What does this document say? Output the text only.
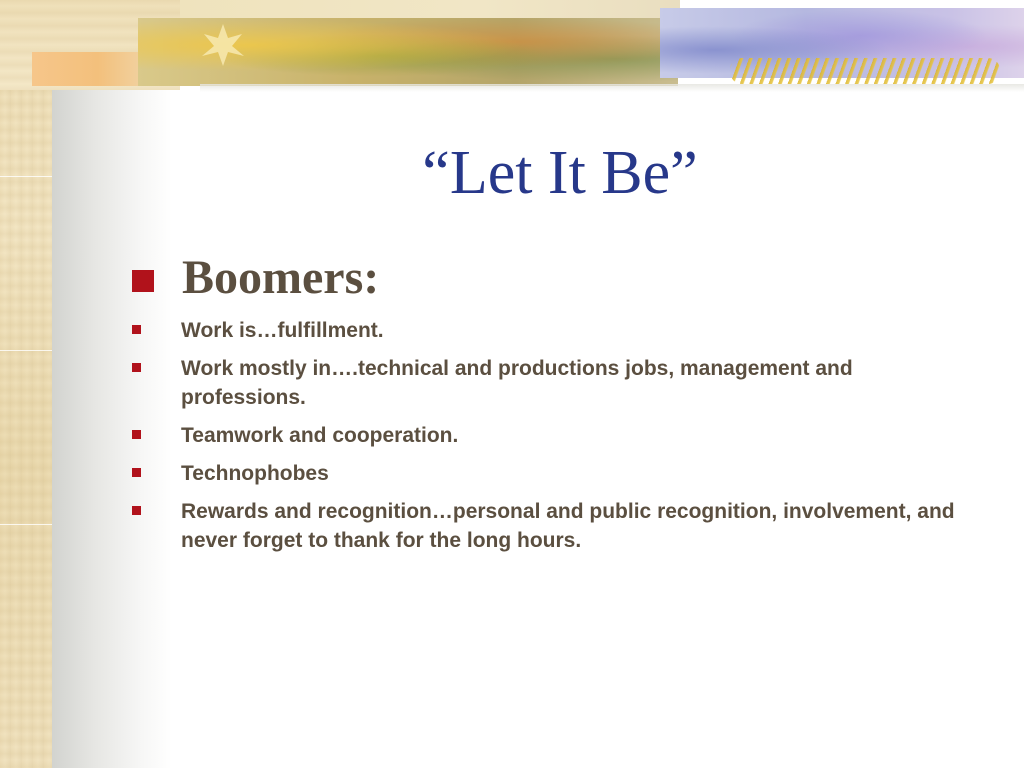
“Let It Be”
Boomers:
Work is…fulfillment.
Work mostly in….technical and productions jobs, management and professions.
Teamwork and cooperation.
Technophobes
Rewards and recognition…personal and public recognition, involvement, and never forget to thank for the long hours.
